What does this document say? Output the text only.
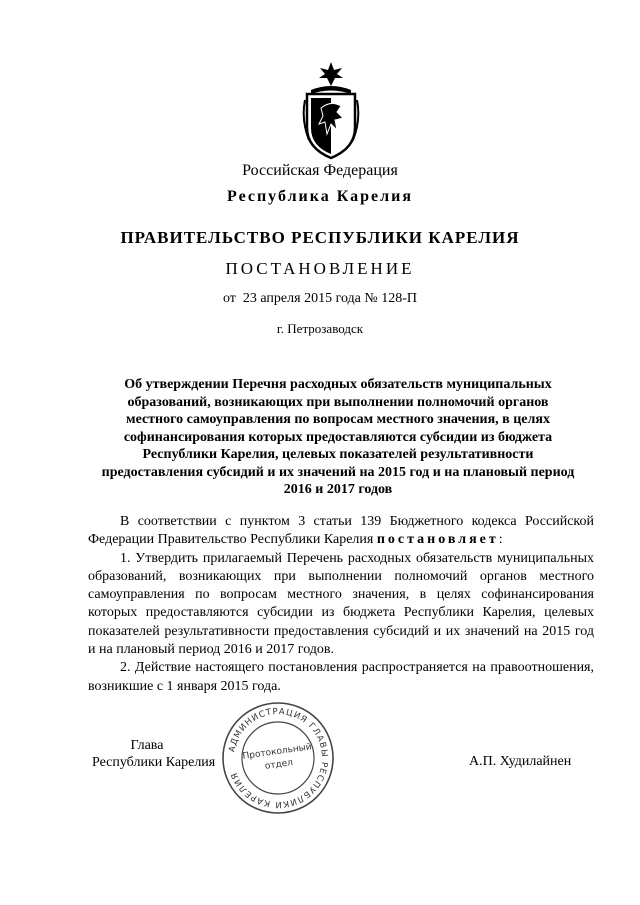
Российская Федерация
Республика Карелия
ПРАВИТЕЛЬСТВО РЕСПУБЛИКИ КАРЕЛИЯ
ПОСТАНОВЛЕНИЕ
от  23 апреля 2015 года № 128-П
г. Петрозаводск
Об утверждении Перечня расходных обязательств муниципальных образований, возникающих при выполнении полномочий органов местного самоуправления по вопросам местного значения, в целях софинансирования которых предоставляются субсидии из бюджета Республики Карелия, целевых показателей результативности предоставления субсидий и их значений на 2015 год и на плановый период 2016 и 2017 годов

В соответствии с пунктом 3 статьи 139 Бюджетного кодекса Российской Федерации Правительство Республики Карелия постановляет:

1. Утвердить прилагаемый Перечень расходных обязательств муниципальных образований, возникающих при выполнении полномочий органов местного самоуправления по вопросам местного значения, в целях софинансирования которых предоставляются субсидии из бюджета Республики Карелия, целевых показателей результативности предоставления субсидий и их значений на 2015 год и на плановый период 2016 и 2017 годов.

2. Действие настоящего постановления распространяется на правоотношения, возникшие с 1 января 2015 года.

Глава
Республики Карелия
АДМИНИСТРАЦИЯ ГЛАВЫ РЕСПУБЛИКИ КАРЕЛИЯ
Протокольный
отдел	А.П. Худилайнен
